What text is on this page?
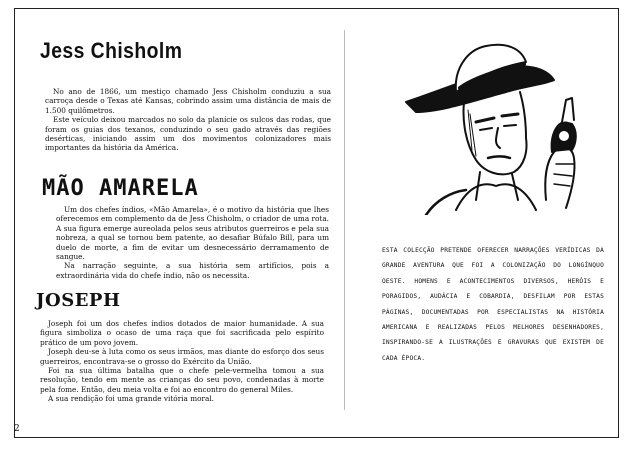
Jess Chisholm

No ano de 1866, um mestiço chamado Jess Chisholm conduziu a sua carroça desde o Texas até Kansas, cobrindo assim uma distância de mais de 1.500 quilômetros.

Este veículo deixou marcados no solo da planície os sulcos das rodas, que foram os guias dos texanos, conduzindo o seu gado através das regiões desérticas, iniciando assim um dos movimentos colonizadores mais importantes da história da América.

MÃO AMARELA

Um dos chefes índios, «Mão Amarela», é o motivo da história que lhes oferecemos em complemento da de Jess Chisholm, o criador de uma rota. A sua figura emerge aureolada pelos seus atributos guerreiros e pela sua nobreza, a qual se tornou bem patente, ao desafiar Búfalo Bill, para um duelo de morte, a fim de evitar um desnecessário derramamento de sangue.

Na narração seguinte, a sua história sem artifícios, pois a extraordinária vida do chefe índio, não os necessita.

JOSEPH

Joseph foi um dos chefes índios dotados de maior humanidade. A sua figura simboliza o ocaso de uma raça que foi sacrificada pelo espírito prático de um povo jovem.

Joseph deu-se à luta como os seus irmãos, mas diante do esforço dos seus guerreiros, encontrava-se o grosso do Exército da União.

Foi na sua última batalha que o chefe pele-vermelha tomou a sua resolução, tendo em mente as crianças do seu povo, condenadas à morte pela fome. Então, deu meia volta e foi ao encontro do general Miles.

A sua rendição foi uma grande vitória moral.

ESTA COLECÇÃO PRETENDE OFERECER NARRAÇÕES VERÍDICAS DA GRANDE AVENTURA QUE FOI A COLONIZAÇÃO DO LONGÍNQUO OESTE. HOMENS E ACONTECIMENTOS DIVERSOS, HERÓIS E PORAGIDOS, AUDÁCIA E COBARDIA, DESFILAM POR ESTAS PÁGINAS, DOCUMENTADAS POR ESPECIALISTAS NA HISTÓRIA AMERICANA E REALIZADAS PELOS MELHORES DESENHADORES, INSPIRANDO-SE A ILUSTRAÇÕES E GRAVURAS QUE EXISTEM DE CADA ÉPOCA.

2
